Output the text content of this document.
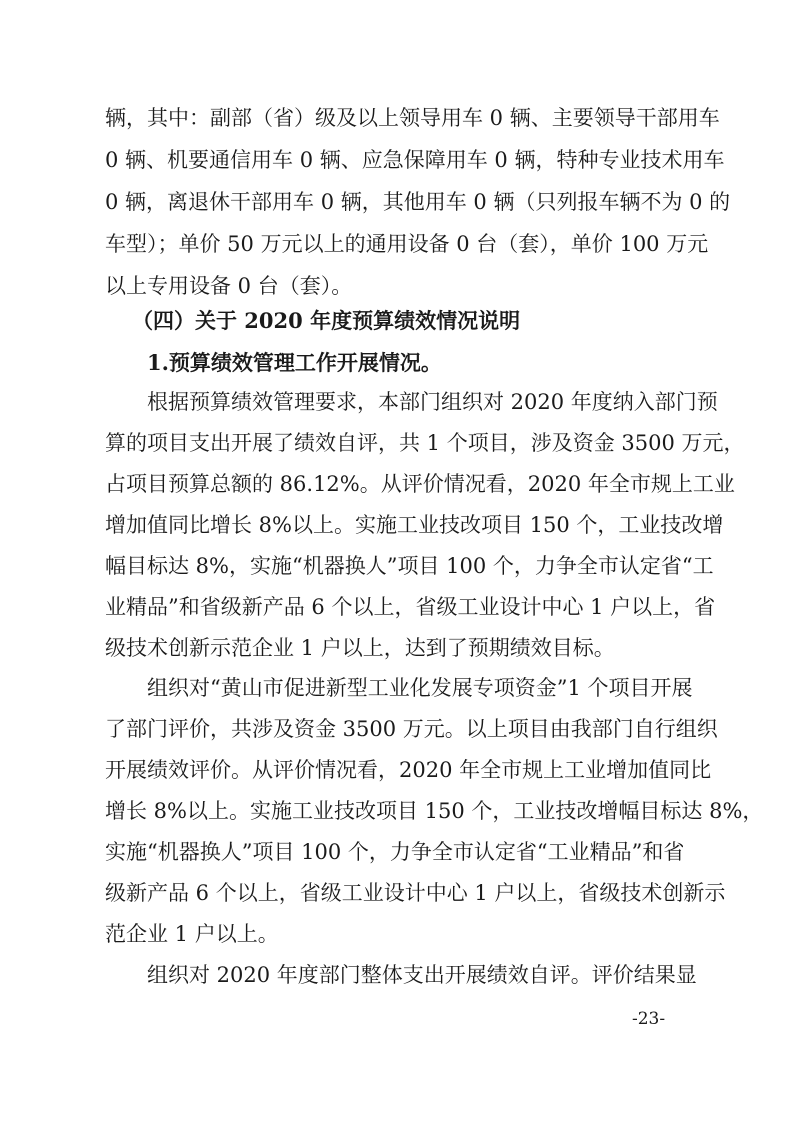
辆，其中：副部（省）级及以上领导用车 0 辆、主要领导干部用车
0 辆、机要通信用车 0 辆、应急保障用车 0 辆，特种专业技术用车
0 辆，离退休干部用车 0 辆，其他用车 0 辆（只列报车辆不为 0 的
车型）；单价 50 万元以上的通用设备 0 台（套），单价 100 万元
以上专用设备 0 台（套）。
（四）关于 2020 年度预算绩效情况说明
1.预算绩效管理工作开展情况。
根据预算绩效管理要求，本部门组织对 2020 年度纳入部门预
算的项目支出开展了绩效自评，共 1 个项目，涉及资金 3500 万元，
占项目预算总额的 86.12%。从评价情况看，2020 年全市规上工业
增加值同比增长 8%以上。实施工业技改项目 150 个，工业技改增
幅目标达 8%，实施“机器换人”项目 100 个，力争全市认定省“工
业精品”和省级新产品 6 个以上，省级工业设计中心 1 户以上，省
级技术创新示范企业 1 户以上，达到了预期绩效目标。
组织对“黄山市促进新型工业化发展专项资金”1 个项目开展
了部门评价，共涉及资金 3500 万元。以上项目由我部门自行组织
开展绩效评价。从评价情况看，2020 年全市规上工业增加值同比
增长 8%以上。实施工业技改项目 150 个，工业技改增幅目标达 8%，
实施“机器换人”项目 100 个，力争全市认定省“工业精品”和省
级新产品 6 个以上，省级工业设计中心 1 户以上，省级技术创新示
范企业 1 户以上。
组织对 2020 年度部门整体支出开展绩效自评。评价结果显
-23-
